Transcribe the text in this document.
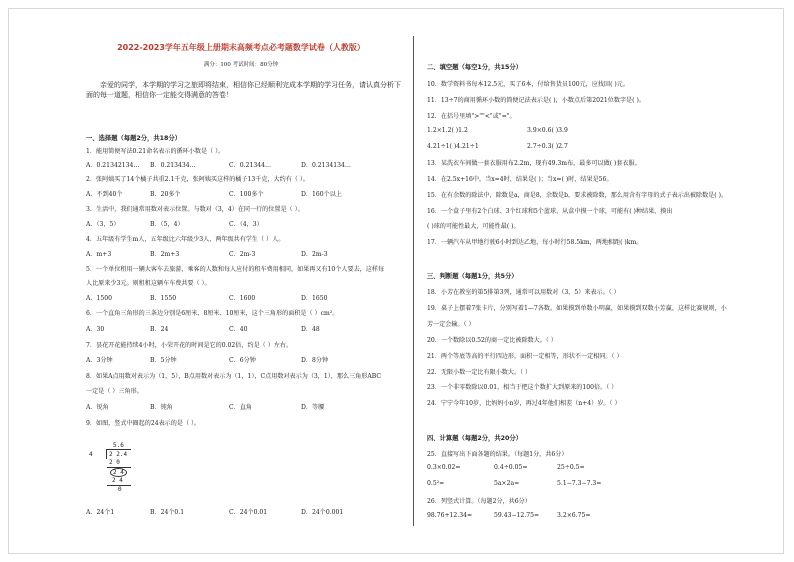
2022-2023学年五年级上册期末高频考点必考题数学试卷（人教版）
满分：100 考试时间：80分钟
亲爱的同学，本学期的学习之旅即将结束，相信你已经顺利完成本学期的学习任务，请认真分析下面的每一道题，相信你一定能交得满意的答卷！
一、选择题（每题2分，共18分）
1．能用简便写法0.21命名表示的循环小数是（ ）。
A．0.21342134… B．0.213434…	C．0.21344…	D．0.2134134…
2．张阿姨买了14个橘子共重2.1千克，张阿姨买这样的橘子13千克，大约有（ ）。
A．不到40个	B．20多个	C．100多个	D．160个以上
3．生活中，我们通常用数对表示位置。与数对（3，4）在同一行的位置是（ ）。
A．（3，5）	B．（5，4）	C．（4，3）
4．五年级有学生m人，五年级比六年级少3人，两年级共有学生（ ）人。
A．m+3	B．2m+3	C．2m-3	D．2m-3
5．一个单位租用一辆大客车去旅游，乘客的人数和每人应付的租车费用相同，如果再又有10个人要去，这样每
人比原来少3元。则租租这辆车车费共要（ ）。
A．1500	B．1550	C．1600	D．1650
6．一个直角三角形的三条边分别是6厘米、8厘米、10厘米，这个三角形的面积是（ ）cm²。
A．30	B．24	C．40	D．48
7．昙花开花能持续4小时，小荣开花的时间是它的0.02倍，约是（ ）左右。
A．3分钟	B．5分钟	C．6分钟	D．8分钟
8．如果A点用数对表示为（1，5），B点用数对表示为（1，1），C点用数对表示为（3，1），那么三角形ABC
一定是（ ）三角形。
A．锐角	B．钝角	C．直角	D．等腰
9．如图，竖式中圈起的24表示的是（ ）。
5.6
4	2 2.4
2 0
2 4
2 4
0
A．24个1	B．24个0.1	C．24个0.01	D．24个0.001
二、填空题（每空1分，共15分）
10．数学资料书每本12.5元，买了6本，付给售货员100元，应找回( )元。
11．13÷7的商用循环小数的简便记法表示是( )，小数点后第2021位数字是( )。
12．在括号里填">""<"或"="。
1.2×1.2( )1.2	3.9×0.6( )3.9
4.21÷1( )4.21÷1	2.7÷0.3( )2.7
13．某洗衣车间做一套衣服用布2.2m，现有49.3m布，最多可以做( )套衣服。
14．在2.5x+16中，当x=4时，结果是( )；当x=( )时，结果是56。
15．在有余数的除法中，除数是a，商是8，余数是b，要求被除数，那么用含有字母的式子表示出被除数是( )。
16．一个盒子里有2个白球、3个红球和5个蓝球，从盒中摸一个球，可能有( )种结果，摸出
( )球的可能性最大，可能性最( )。
17．一辆汽车从甲地行驶6小时到达乙地，每小时行58.5km，两地相距( )km。
三、判断题（每题1分，共5分）
18．小芳在教室的第5排第3列，通常可以用数对（3，5）来表示。（ ）
19．桌子上摆着7张卡片，分别写着1—7各数。如果摸到单数小明赢，如果摸到双数小芳赢，这样比赛规则，小
芳一定会输。（ ）
20．一个数除以0.52的商一定比被除数大。（ ）
21．两个等底等高的平行四边形，面积一定相等，形状不一定相同。（ ）
22．无限小数一定比有限小数大。（ ）
23．一个非零数除以0.01，相当于把这个数扩大到原来的100倍。（ ）
24．宁宁今年10岁，比妈妈小n岁，再过4年他们相差（n+4）岁。（ ）
四、计算题（每题2分，共20分）
25．直接写出下面各题的结果。（每题1分，共6分）
0.3×0.02=	0.4÷0.05=	25÷0.5=
0.5²=	5a×2a=	5.1−7.3−7.3=
26．列竖式计算。（每题2分，共6分）
98.76+12.34=	59.43−12.75=	3.2×6.75=
